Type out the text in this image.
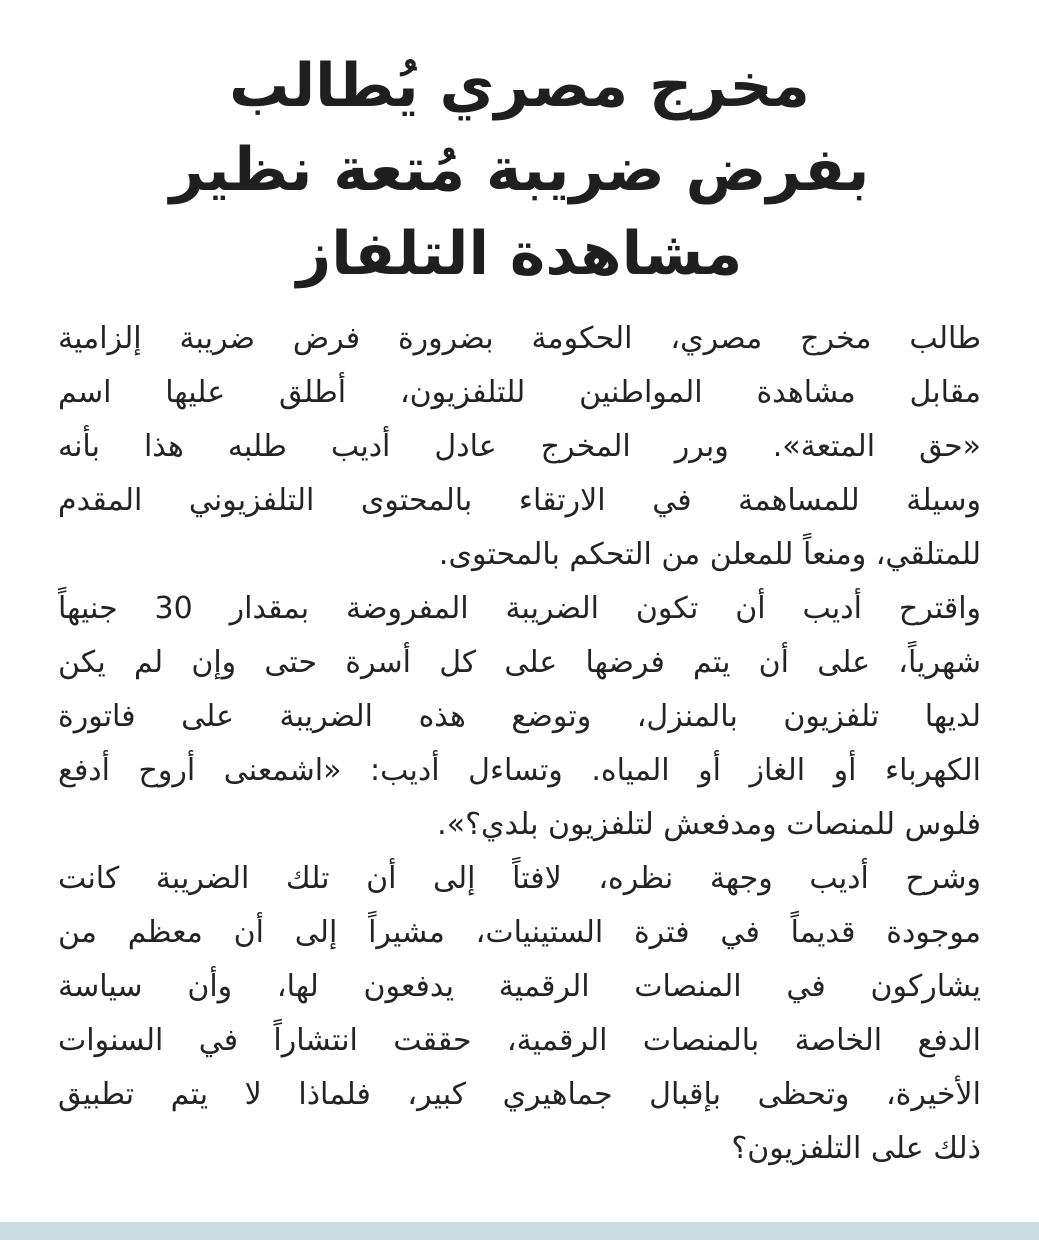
مخرج مصري يُطالب
بفرض ضريبة مُتعة نظير
مشاهدة التلفاز
طالب مخرج مصري، الحكومة بضرورة فرض ضريبة إلزامية
مقابل مشاهدة المواطنين للتلفزيون، أطلق عليها اسم
«حق المتعة». وبرر المخرج عادل أديب طلبه هذا بأنه
وسيلة للمساهمة في الارتقاء بالمحتوى التلفزيوني المقدم
للمتلقي، ومنعاً للمعلن من التحكم بالمحتوى.
واقترح أديب أن تكون الضريبة المفروضة بمقدار 30 جنيهاً
شهرياً، على أن يتم فرضها على كل أسرة حتى وإن لم يكن
لديها تلفزيون بالمنزل، وتوضع هذه الضريبة على فاتورة
الكهرباء أو الغاز أو المياه. وتساءل أديب: «اشمعنى أروح أدفع
فلوس للمنصات ومدفعش لتلفزيون بلدي؟».
وشرح أديب وجهة نظره، لافتاً إلى أن تلك الضريبة كانت
موجودة قديماً في فترة الستينيات، مشيراً إلى أن معظم من
يشاركون في المنصات الرقمية يدفعون لها، وأن سياسة
الدفع الخاصة بالمنصات الرقمية، حققت انتشاراً في السنوات
الأخيرة، وتحظى بإقبال جماهيري كبير، فلماذا لا يتم تطبيق
ذلك على التلفزيون؟
